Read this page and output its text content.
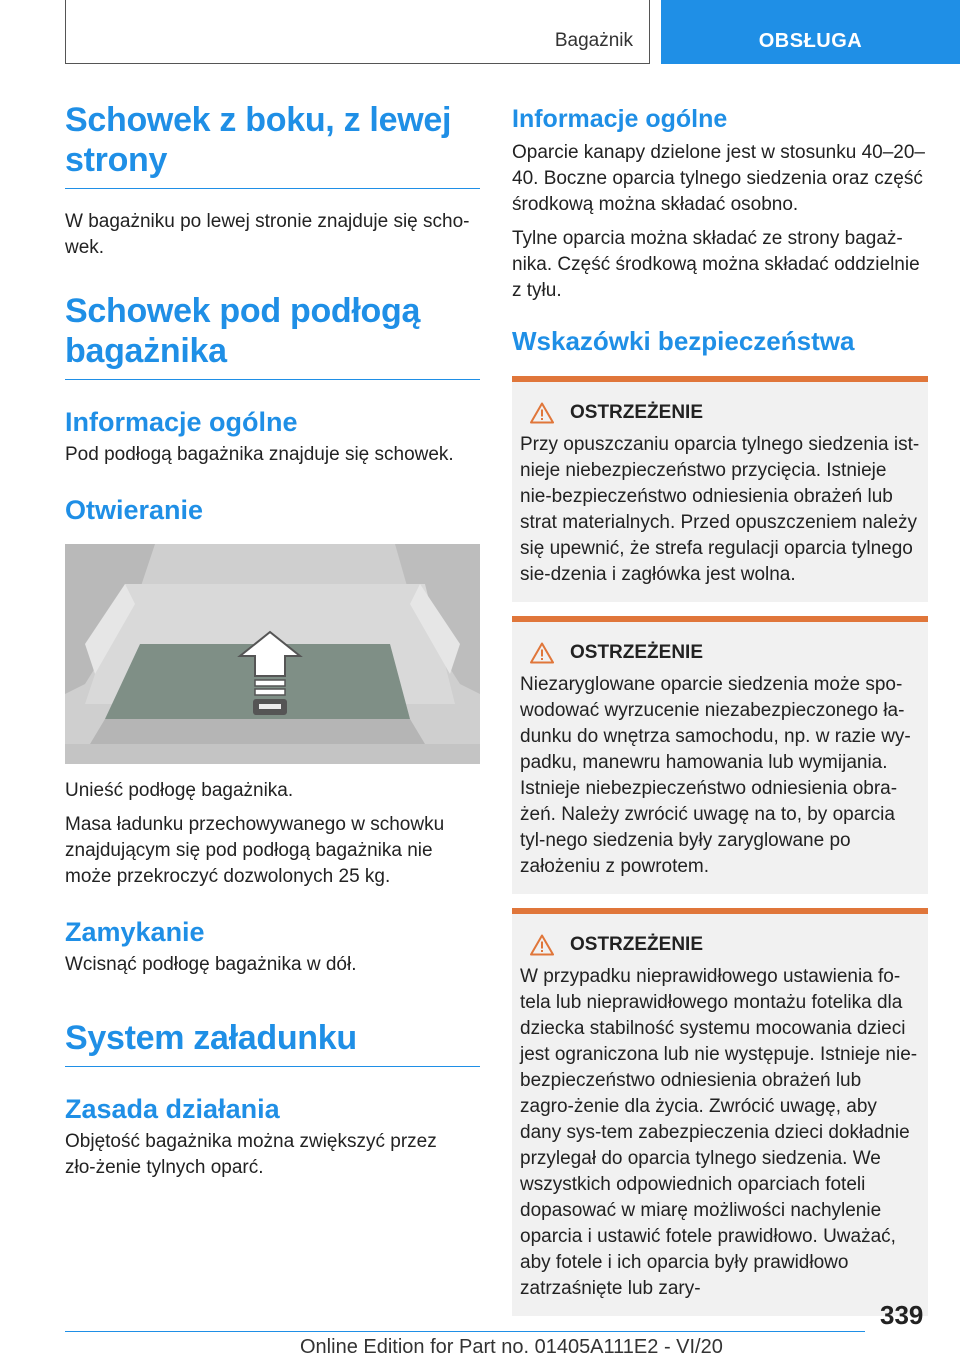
Bagażnik	OBSŁUGA
Schowek z boku, z lewej strony

W bagażniku po lewej stronie znajduje się scho-wek.

Schowek pod podłogą bagażnika
Informacje ogólne

Pod podłogą bagażnika znajduje się schowek.

Otwieranie

Unieść podłogę bagażnika.

Masa ładunku przechowywanego w schowku znajdującym się pod podłogą bagażnika nie może przekroczyć dozwolonych 25 kg.

Zamykanie

Wcisnąć podłogę bagażnika w dół.

System załadunku
Zasada działania

Objętość bagażnika można zwiększyć przez zło-żenie tylnych oparć.

Informacje ogólne

Oparcie kanapy dzielone jest w stosunku 40–20–40. Boczne oparcia tylnego siedzenia oraz część środkową można składać osobno.

Tylne oparcia można składać ze strony bagaż-nika. Część środkową można składać oddzielnie z tyłu.

Wskazówki bezpieczeństwa
OSTRZEŻENIE

Przy opuszczaniu oparcia tylnego siedzenia ist-nieje niebezpieczeństwo przycięcia. Istnieje nie-bezpieczeństwo odniesienia obrażeń lub strat materialnych. Przed opuszczeniem należy się upewnić, że strefa regulacji oparcia tylnego sie-dzenia i zagłówka jest wolna.

OSTRZEŻENIE

Niezaryglowane oparcie siedzenia może spo-wodować wyrzucenie niezabezpieczonego ła-dunku do wnętrza samochodu, np. w razie wy-padku, manewru hamowania lub wymijania. Istnieje niebezpieczeństwo odniesienia obra-żeń. Należy zwrócić uwagę na to, by oparcia tyl-nego siedzenia były zaryglowane po założeniu z powrotem.

OSTRZEŻENIE

W przypadku nieprawidłowego ustawienia fo-tela lub nieprawidłowego montażu fotelika dla dziecka stabilność systemu mocowania dzieci jest ograniczona lub nie występuje. Istnieje nie-bezpieczeństwo odniesienia obrażeń lub zagro-żenie dla życia. Zwrócić uwagę, aby dany sys-tem zabezpieczenia dzieci dokładnie przylegał do oparcia tylnego siedzenia. We wszystkich odpowiednich oparciach foteli dopasować w miarę możliwości nachylenie oparcia i ustawić fotele prawidłowo. Uważać, aby fotele i ich oparcia były prawidłowo zatrzaśnięte lub zary-

339
Online Edition for Part no. 01405A111E2 - VI/20
